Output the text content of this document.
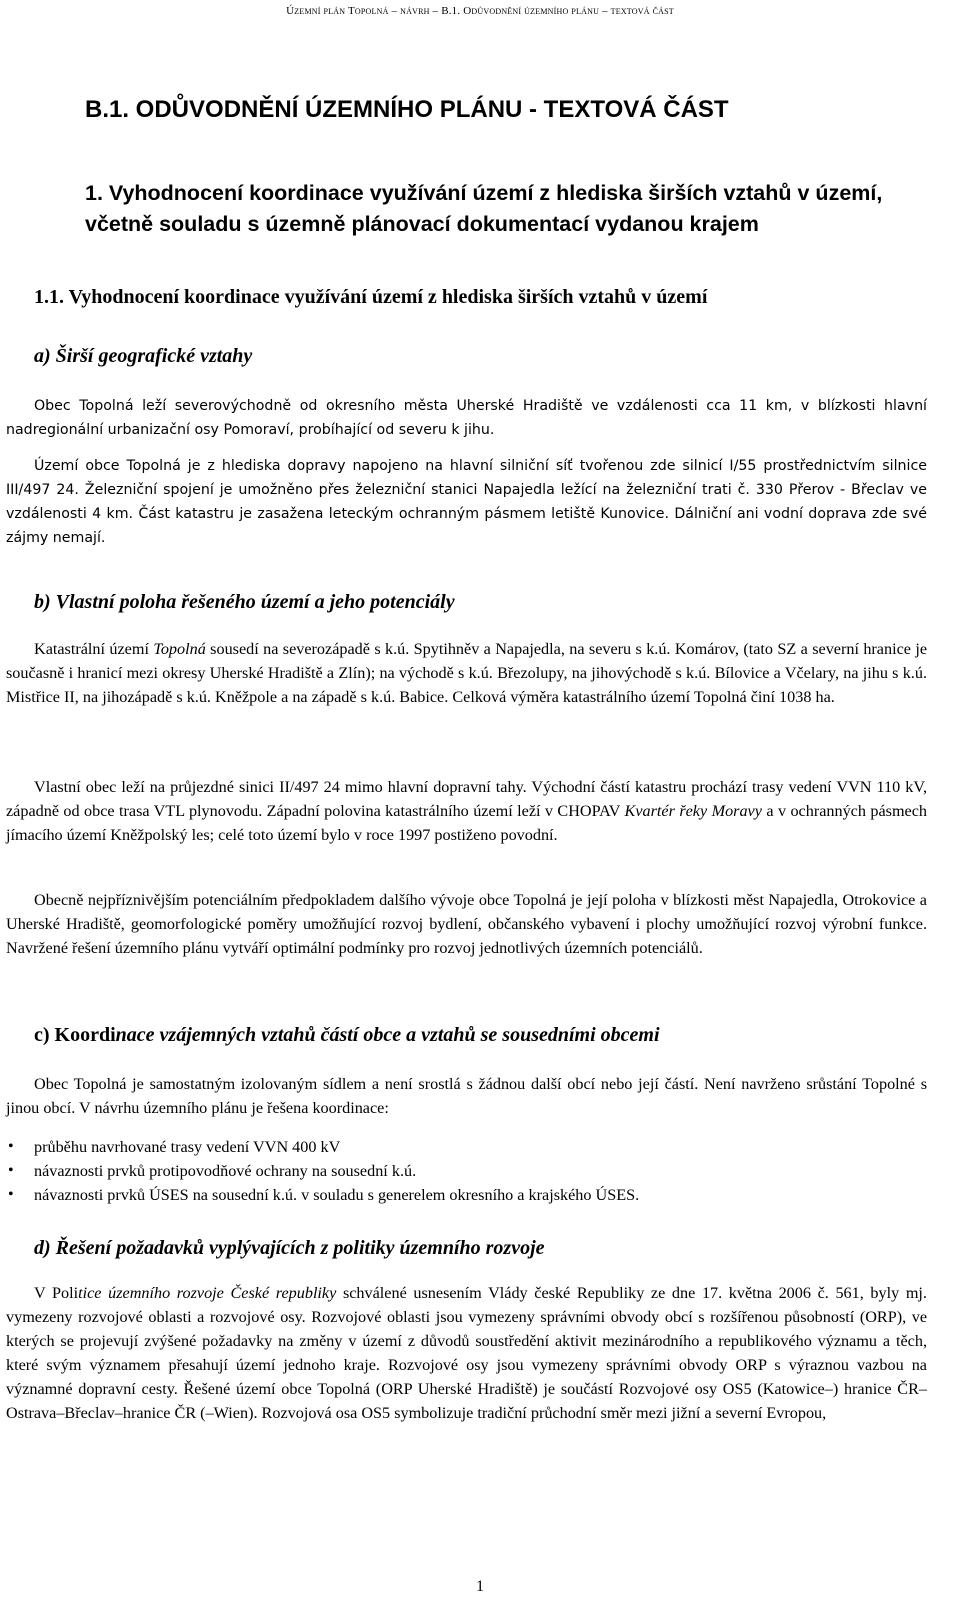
Územní plán Topolná – návrh – B.1. Odůvodnění územního plánu – textová část
B.1. ODŮVODNĚNÍ ÚZEMNÍHO PLÁNU - TEXTOVÁ ČÁST
1. Vyhodnocení koordinace využívání území z hlediska širších vztahů v území, včetně souladu s územně plánovací dokumentací vydanou krajem
1.1. Vyhodnocení koordinace využívání území z hlediska širších vztahů v území
a) Širší geografické vztahy

Obec Topolná leží severovýchodně od okresního města Uherské Hradiště ve vzdálenosti cca 11 km, v blízkosti hlavní nadregionální urbanizační osy Pomoraví, probíhající od severu k jihu.

Území obce Topolná je z hlediska dopravy napojeno na hlavní silniční síť tvořenou zde silnicí I/55 prostřednictvím silnice III/497 24. Železniční spojení je umožněno přes železniční stanici Napajedla ležící na železniční trati č. 330 Přerov - Břeclav ve vzdálenosti 4 km. Část katastru je zasažena leteckým ochranným pásmem letiště Kunovice. Dálniční ani vodní doprava zde své zájmy nemají.

b) Vlastní poloha řešeného území a jeho potenciály

Katastrální území Topolná sousedí na severozápadě s k.ú. Spytihněv a Napajedla, na severu s k.ú. Komárov, (tato SZ a severní hranice je současně i hranicí mezi okresy Uherské Hradiště a Zlín); na východě s k.ú. Březolupy, na jihovýchodě s k.ú. Bílovice a Včelary, na jihu s k.ú. Mistřice II, na jihozápadě s k.ú. Kněžpole a na západě s k.ú. Babice. Celková výměra katastrálního území Topolná činí 1038 ha.

Vlastní obec leží na průjezdné sinici II/497 24 mimo hlavní dopravní tahy. Východní částí katastru prochází trasy vedení VVN 110 kV, západně od obce trasa VTL plynovodu. Západní polovina katastrálního území leží v CHOPAV Kvartér řeky Moravy a v ochranných pásmech jímacího území Kněžpolský les; celé toto území bylo v roce 1997 postiženo povodní.

Obecně nejpříznivějším potenciálním předpokladem dalšího vývoje obce Topolná je její poloha v blízkosti měst Napajedla, Otrokovice a Uherské Hradiště, geomorfologické poměry umožňující rozvoj bydlení, občanského vybavení i plochy umožňující rozvoj výrobní funkce. Navržené řešení územního plánu vytváří optimální podmínky pro rozvoj jednotlivých územních potenciálů.

c) Koordinace vzájemných vztahů částí obce a vztahů se sousedními obcemi

Obec Topolná je samostatným izolovaným sídlem a není srostlá s žádnou další obcí nebo její částí. Není navrženo srůstání Topolné s jinou obcí. V návrhu územního plánu je řešena koordinace:

• průběhu navrhované trasy vedení VVN 400 kV
• návaznosti prvků protipovodňové ochrany na sousední k.ú.
• návaznosti prvků ÚSES na sousední k.ú. v souladu s generelem okresního a krajského ÚSES.
d) Řešení požadavků vyplývajících z politiky územního rozvoje

V Politice územního rozvoje České republiky schválené usnesením Vlády české Republiky ze dne 17. května 2006 č. 561, byly mj. vymezeny rozvojové oblasti a rozvojové osy. Rozvojové oblasti jsou vymezeny správními obvody obcí s rozšířenou působností (ORP), ve kterých se projevují zvýšené požadavky na změny v území z důvodů soustředění aktivit mezinárodního a republikového významu a těch, které svým významem přesahují území jednoho kraje. Rozvojové osy jsou vymezeny správními obvody ORP s výraznou vazbou na významné dopravní cesty. Řešené území obce Topolná (ORP Uherské Hradiště) je součástí Rozvojové osy OS5 (Katowice–) hranice ČR–Ostrava–Břeclav–hranice ČR (–Wien). Rozvojová osa OS5 symbolizuje tradiční průchodní směr mezi jižní a severní Evropou,

1
